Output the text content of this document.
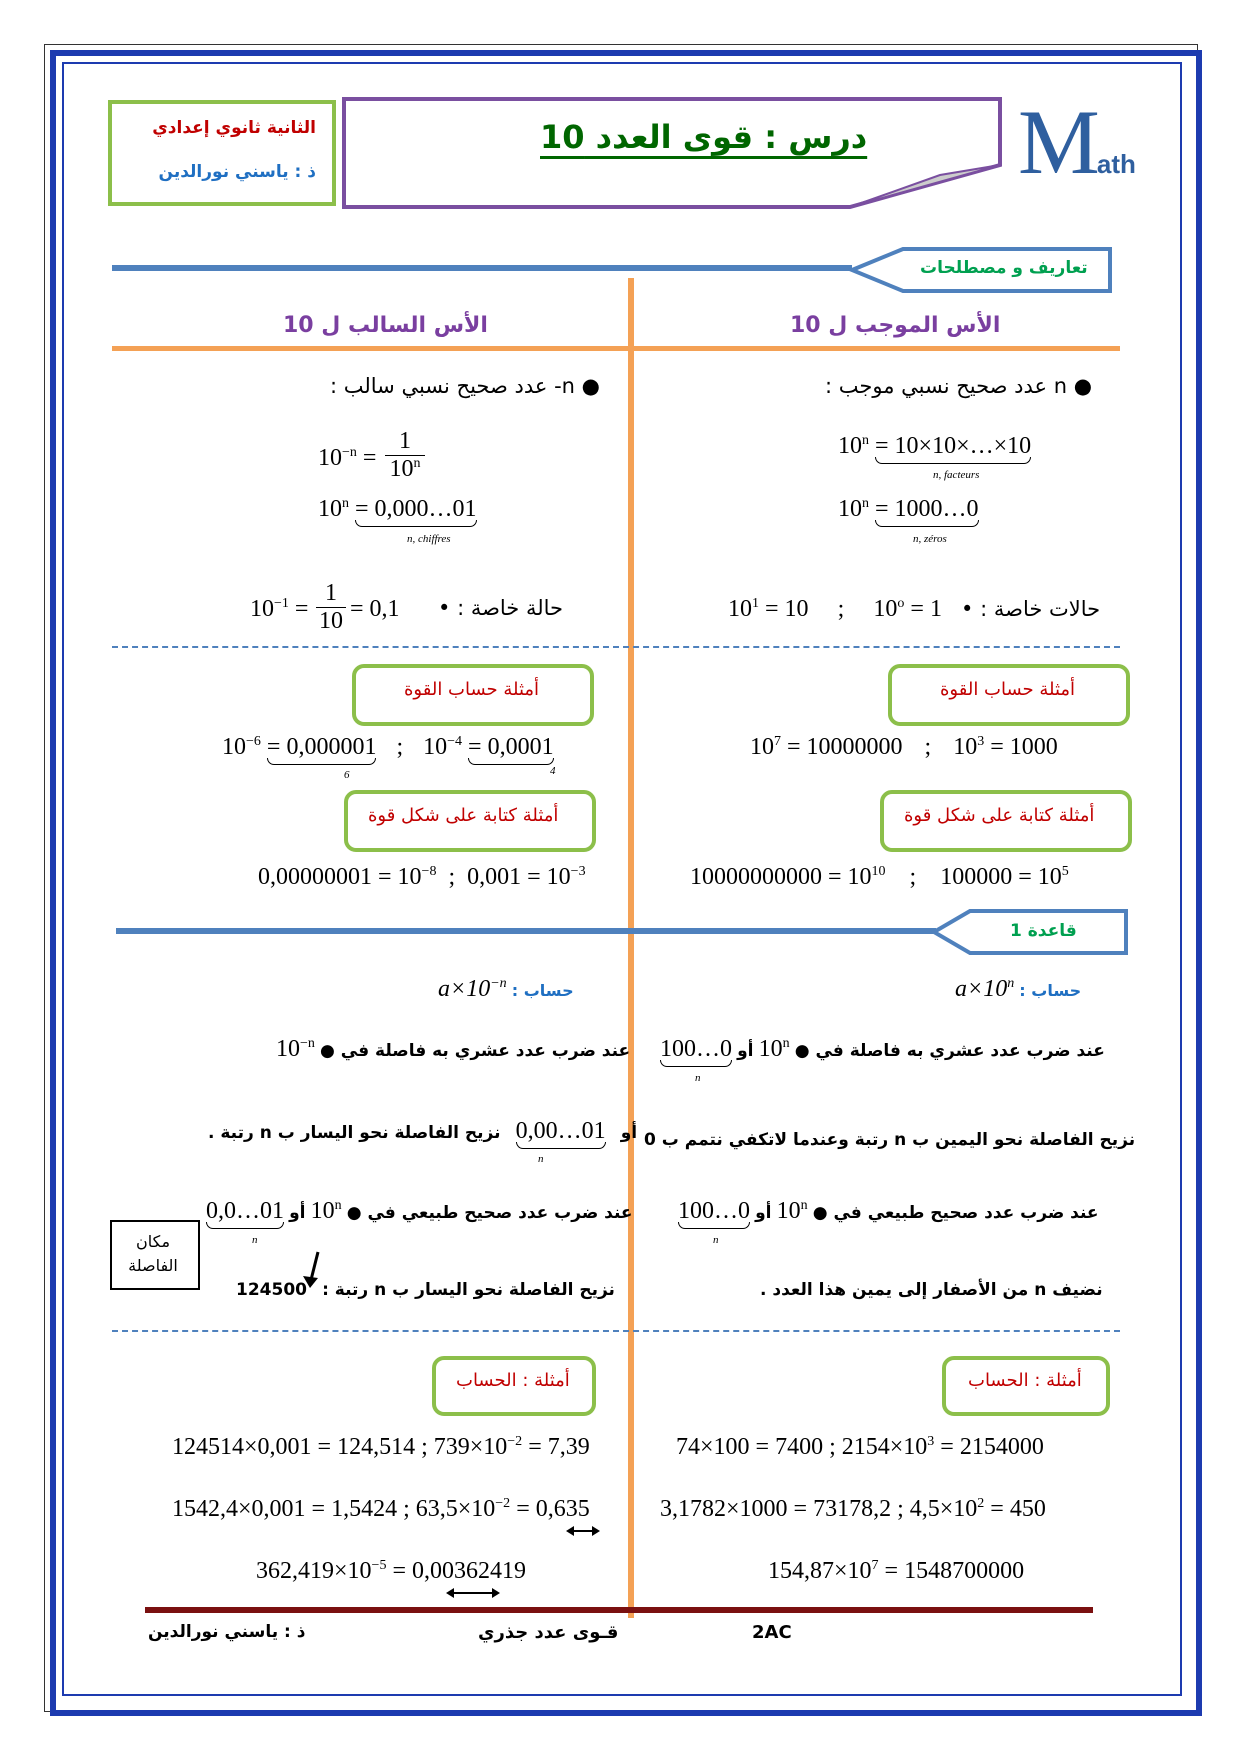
الثانية ثانوي إعدادي
ذ : ياسني نورالدين
درس : قوى العدد 10 M ath
تعاريف و مصطلحات
الأس الموجب ل 10
الأس السالب ل 10
● n عدد صحيح نسبي موجب :
$10^n$ = 10×10×…×10
n, facteurs
$10^n$ = 1000…0
n, zéros
$10^1 = 10$ ; $10^o = 1$ حالات خاصة : •
● n- عدد صحيح نسبي سالب :
$10^{-n} = \frac{1}{10^n}$
$10^n$ = 0,000…01
n, chiffres
$10^{-1} = \frac{1}{10} = 0,1$	حالة خاصة : •
أمثلة حساب القوة
أمثلة حساب القوة
$10^7 = 10000000$ ; $10^3 = 1000$
$10^{-6} = 0,000001$ ; $10^{-4} = 0,0001$
6	4
أمثلة كتابة على شكل قوة
أمثلة كتابة على شكل قوة
$10000000000 = 10^{10}$ ; $100000 = 10^5$
$0,00000001 = 10^{-8}$ ; $0,001 = 10^{-3}$
قاعدة 1
$a\times 10^n$ حساب :
100…0 أو 10$^n$ عند ضرب عدد عشري به فاصلة في ●
n
نزيح الفاصلة نحو اليمين ب n رتبة وعندما لاتكفي نتمم ب 0
100…0 أو 10$^n$ عند ضرب عدد صحيح طبيعي في ●
n
نضيف n من الأصفار إلى يمين هذا العدد .
$a\times 10^{-n}$ حساب :
$10^{-n}$ عند ضرب عدد عشري به فاصلة في ●
نزيح الفاصلة نحو اليسار ب n رتبة . 0,00…01 أو
n
0,0…01 أو 10$^n$ عند ضرب عدد صحيح طبيعي في ●
n
مكان الفاصلة
124500 نزيح الفاصلة نحو اليسار ب n رتبة :
أمثلة : الحساب
أمثلة : الحساب
74×100 = 7400 ; $2154\times 10^3 = 2154000$
3,1782×1000 = 73178,2 ; $4,5\times 10^2 = 450$
$154,87\times 10^7 = 1548700000$
124514×0,001 = 124,514 ; $739\times 10^{-2} = 7,39$
1542,4×0,001 = 1,5424 ; $63,5\times 10^{-2} = 0,635$
$362,419\times 10^{-5} = 0,00362419$
2AC
قـوى عدد جذري
ذ : ياسني نورالدين
